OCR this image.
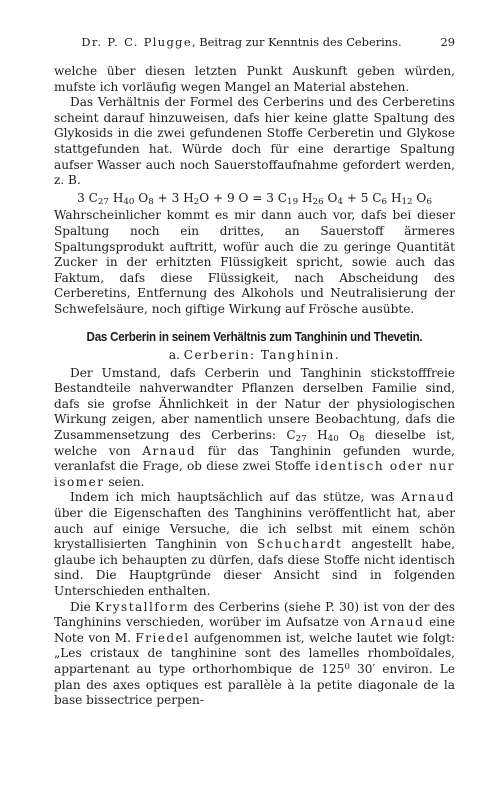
Dr. P. C. Plugge, Beitrag zur Kenntnis des Ceberins.	29

welche über diesen letzten Punkt Auskunft geben würden, mufste ich vorläufig wegen Mangel an Material abstehen.

Das Verhältnis der Formel des Cerberins und des Cerberetins scheint darauf hinzuweisen, dafs hier keine glatte Spaltung des Glykosids in die zwei gefundenen Stoffe Cerberetin und Glykose stattgefunden hat. Würde doch für eine derartige Spaltung aufser Wasser auch noch Sauerstoffaufnahme gefordert werden, z. B.

3 $C_{27}$ $H_{40}$ $O_8 + 3$ $H_2O + 9$ O = 3 $C_{19}$ $H_{26}$ $O_4 + 5$ $C_6$ $H_{12}$ $O_6$

Wahrscheinlicher kommt es mir dann auch vor, dafs bei dieser Spaltung noch ein drittes, an Sauerstoff ärmeres Spaltungsprodukt auftritt, wofür auch die zu geringe Quantität Zucker in der erhitzten Flüssigkeit spricht, sowie auch das Faktum, dafs diese Flüssigkeit, nach Abscheidung des Cerberetins, Entfernung des Alkohols und Neutralisierung der Schwefelsäure, noch giftige Wirkung auf Frösche ausübte.

Das Cerberin in seinem Verhältnis zum Tanghinin und Thevetin.
a. Cerberin: Tanghinin.

Der Umstand, dafs Cerberin und Tanghinin stickstofffreie Bestandteile nahverwandter Pflanzen derselben Familie sind, dafs sie grofse Ähnlichkeit in der Natur der physiologischen Wirkung zeigen, aber namentlich unsere Beobachtung, dafs die Zusammensetzung des Cerberins: $C_{27}$ $H_{40}$ $O_8$ dieselbe ist, welche von Arnaud für das Tanghinin gefunden wurde, veranlafst die Frage, ob diese zwei Stoffe identisch oder nur isomer seien.

Indem ich mich hauptsächlich auf das stütze, was Arnaud über die Eigenschaften des Tanghinins veröffentlicht hat, aber auch auf einige Versuche, die ich selbst mit einem schön krystallisierten Tanghinin von Schuchardt angestellt habe, glaube ich behaupten zu dürfen, dafs diese Stoffe nicht identisch sind. Die Hauptgründe dieser Ansicht sind in folgenden Unterschieden enthalten.

Die Krystallform des Cerberins (siehe P. 30) ist von der des Tanghinins verschieden, worüber im Aufsatze von Arnaud eine Note von M. Friedel aufgenommen ist, welche lautet wie folgt: „Les cristaux de tanghinine sont des lamelles rhomboïdales, appartenant au type orthorhombique de $125^0$ 30′ environ. Le plan des axes optiques est parallèle à la petite diagonale de la base bissectrice perpen-
